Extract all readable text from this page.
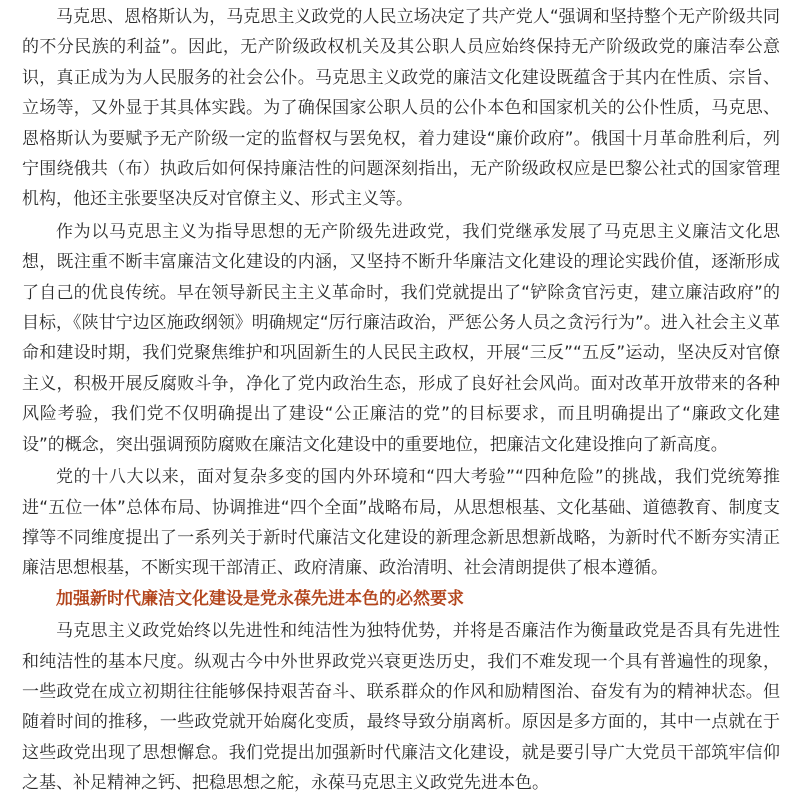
马克思、恩格斯认为，马克思主义政党的人民立场决定了共产党人“强调和坚持整个无产阶级共同的不分民族的利益”。因此，无产阶级政权机关及其公职人员应始终保持无产阶级政党的廉洁奉公意识，真正成为为人民服务的社会公仆。马克思主义政党的廉洁文化建设既蕴含于其内在性质、宗旨、立场等，又外显于其具体实践。为了确保国家公职人员的公仆本色和国家机关的公仆性质，马克思、恩格斯认为要赋予无产阶级一定的监督权与罢免权，着力建设“廉价政府”。俄国十月革命胜利后，列宁围绕俄共（布）执政后如何保持廉洁性的问题深刻指出，无产阶级政权应是巴黎公社式的国家管理机构，他还主张要坚决反对官僚主义、形式主义等。

作为以马克思主义为指导思想的无产阶级先进政党，我们党继承发展了马克思主义廉洁文化思想，既注重不断丰富廉洁文化建设的内涵，又坚持不断升华廉洁文化建设的理论实践价值，逐渐形成了自己的优良传统。早在领导新民主主义革命时，我们党就提出了“铲除贪官污吏，建立廉洁政府”的目标，《陕甘宁边区施政纲领》明确规定“厉行廉洁政治，严惩公务人员之贪污行为”。进入社会主义革命和建设时期，我们党聚焦维护和巩固新生的人民民主政权，开展“三反”“五反”运动，坚决反对官僚主义，积极开展反腐败斗争，净化了党内政治生态，形成了良好社会风尚。面对改革开放带来的各种风险考验，我们党不仅明确提出了建设“公正廉洁的党”的目标要求，而且明确提出了“廉政文化建设”的概念，突出强调预防腐败在廉洁文化建设中的重要地位，把廉洁文化建设推向了新高度。

党的十八大以来，面对复杂多变的国内外环境和“四大考验”“四种危险”的挑战，我们党统筹推进“五位一体”总体布局、协调推进“四个全面”战略布局，从思想根基、文化基础、道德教育、制度支撑等不同维度提出了一系列关于新时代廉洁文化建设的新理念新思想新战略，为新时代不断夯实清正廉洁思想根基，不断实现干部清正、政府清廉、政治清明、社会清朗提供了根本遵循。

加强新时代廉洁文化建设是党永葆先进本色的必然要求

马克思主义政党始终以先进性和纯洁性为独特优势，并将是否廉洁作为衡量政党是否具有先进性和纯洁性的基本尺度。纵观古今中外世界政党兴衰更迭历史，我们不难发现一个具有普遍性的现象，一些政党在成立初期往往能够保持艰苦奋斗、联系群众的作风和励精图治、奋发有为的精神状态。但随着时间的推移，一些政党就开始腐化变质，最终导致分崩离析。原因是多方面的，其中一点就在于这些政党出现了思想懈怠。我们党提出加强新时代廉洁文化建设，就是要引导广大党员干部筑牢信仰之基、补足精神之钙、把稳思想之舵，永葆马克思主义政党先进本色。
